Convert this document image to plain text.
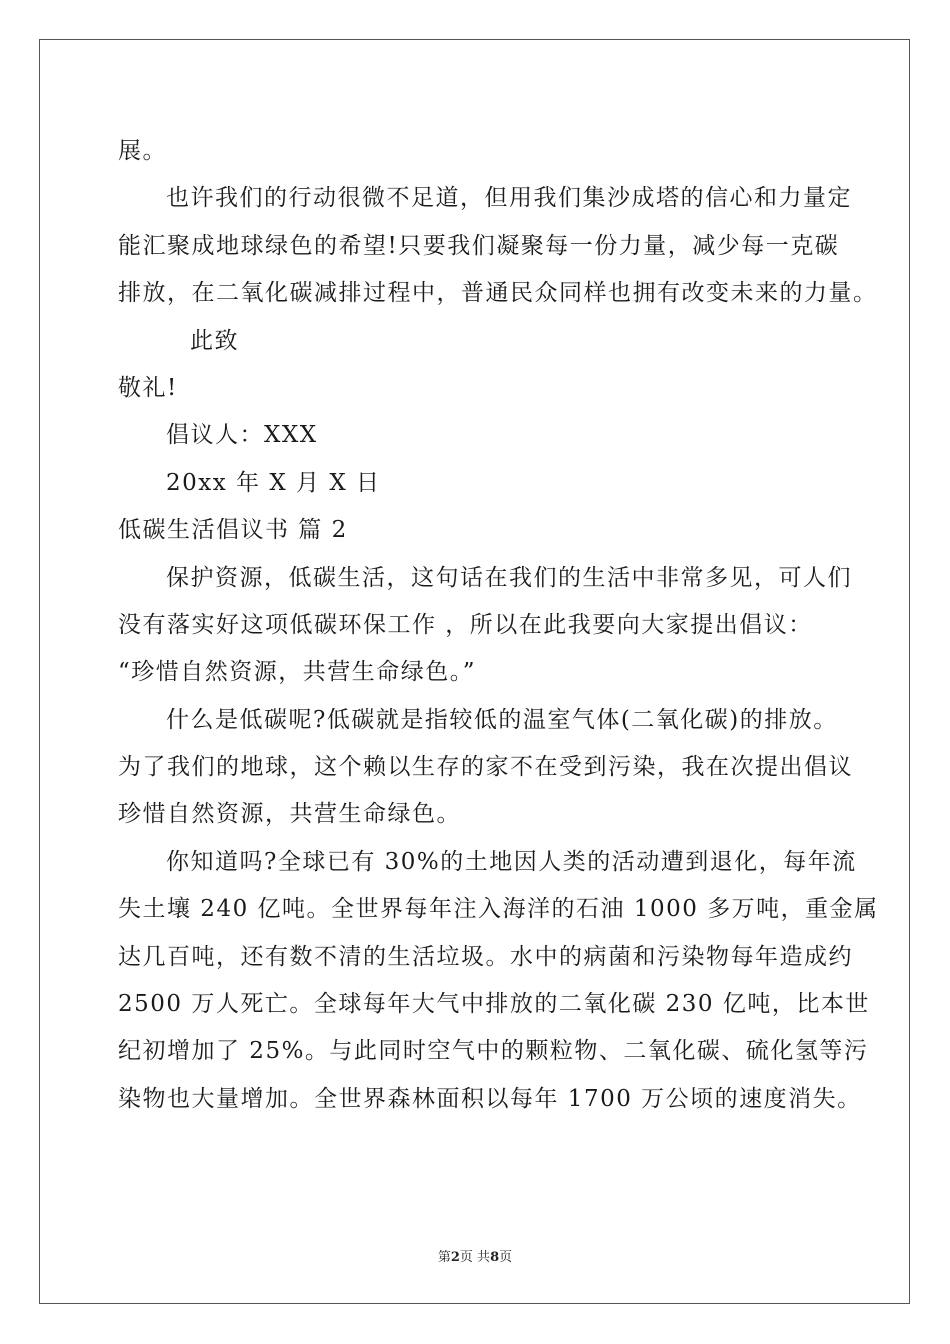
展。
也许我们的行动很微不足道，但用我们集沙成塔的信心和力量定
能汇聚成地球绿色的希望!只要我们凝聚每一份力量，减少每一克碳
排放，在二氧化碳减排过程中，普通民众同样也拥有改变未来的力量。
此致
敬礼!
倡议人：XXX
20xx 年 X 月 X 日
低碳生活倡议书 篇 2
保护资源，低碳生活，这句话在我们的生活中非常多见，可人们
没有落实好这项低碳环保工作 ，所以在此我要向大家提出倡议：
“珍惜自然资源，共营生命绿色。”
什么是低碳呢?低碳就是指较低的温室气体(二氧化碳)的排放。
为了我们的地球，这个赖以生存的家不在受到污染，我在次提出倡议
珍惜自然资源，共营生命绿色。
你知道吗?全球已有 30%的土地因人类的活动遭到退化，每年流
失土壤 240 亿吨。全世界每年注入海洋的石油 1000 多万吨，重金属
达几百吨，还有数不清的生活垃圾。水中的病菌和污染物每年造成约
2500 万人死亡。全球每年大气中排放的二氧化碳 230 亿吨，比本世
纪初增加了 25%。与此同时空气中的颗粒物、二氧化碳、硫化氢等污
染物也大量增加。全世界森林面积以每年 1700 万公顷的速度消失。
第2页 共8页
